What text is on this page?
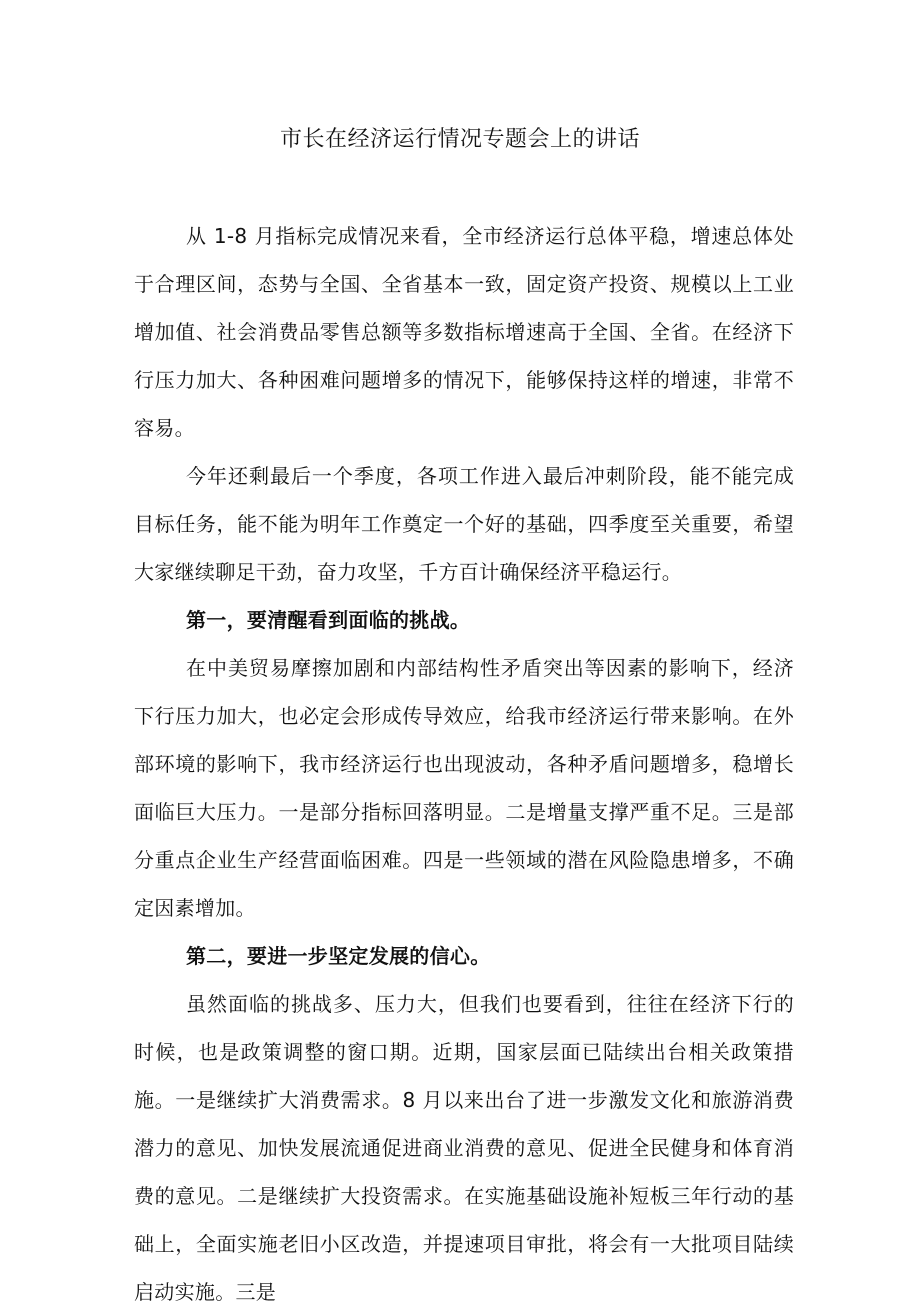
市长在经济运行情况专题会上的讲话

从 1-8 月指标完成情况来看，全市经济运行总体平稳，增速总体处于合理区间，态势与全国、全省基本一致，固定资产投资、规模以上工业增加值、社会消费品零售总额等多数指标增速高于全国、全省。在经济下行压力加大、各种困难问题增多的情况下，能够保持这样的增速，非常不容易。

今年还剩最后一个季度，各项工作进入最后冲刺阶段，能不能完成目标任务，能不能为明年工作奠定一个好的基础，四季度至关重要，希望大家继续聊足干劲，奋力攻坚，千方百计确保经济平稳运行。

第一，要清醒看到面临的挑战。

在中美贸易摩擦加剧和内部结构性矛盾突出等因素的影响下，经济下行压力加大，也必定会形成传导效应，给我市经济运行带来影响。在外部环境的影响下，我市经济运行也出现波动，各种矛盾问题增多，稳增长面临巨大压力。一是部分指标回落明显。二是增量支撑严重不足。三是部分重点企业生产经营面临困难。四是一些领域的潜在风险隐患增多，不确定因素增加。

第二，要进一步坚定发展的信心。

虽然面临的挑战多、压力大，但我们也要看到，往往在经济下行的时候，也是政策调整的窗口期。近期，国家层面已陆续出台相关政策措施。一是继续扩大消费需求。8 月以来出台了进一步激发文化和旅游消费潜力的意见、加快发展流通促进商业消费的意见、促进全民健身和体育消费的意见。二是继续扩大投资需求。在实施基础设施补短板三年行动的基础上，全面实施老旧小区改造，并提速项目审批，将会有一大批项目陆续启动实施。三是
